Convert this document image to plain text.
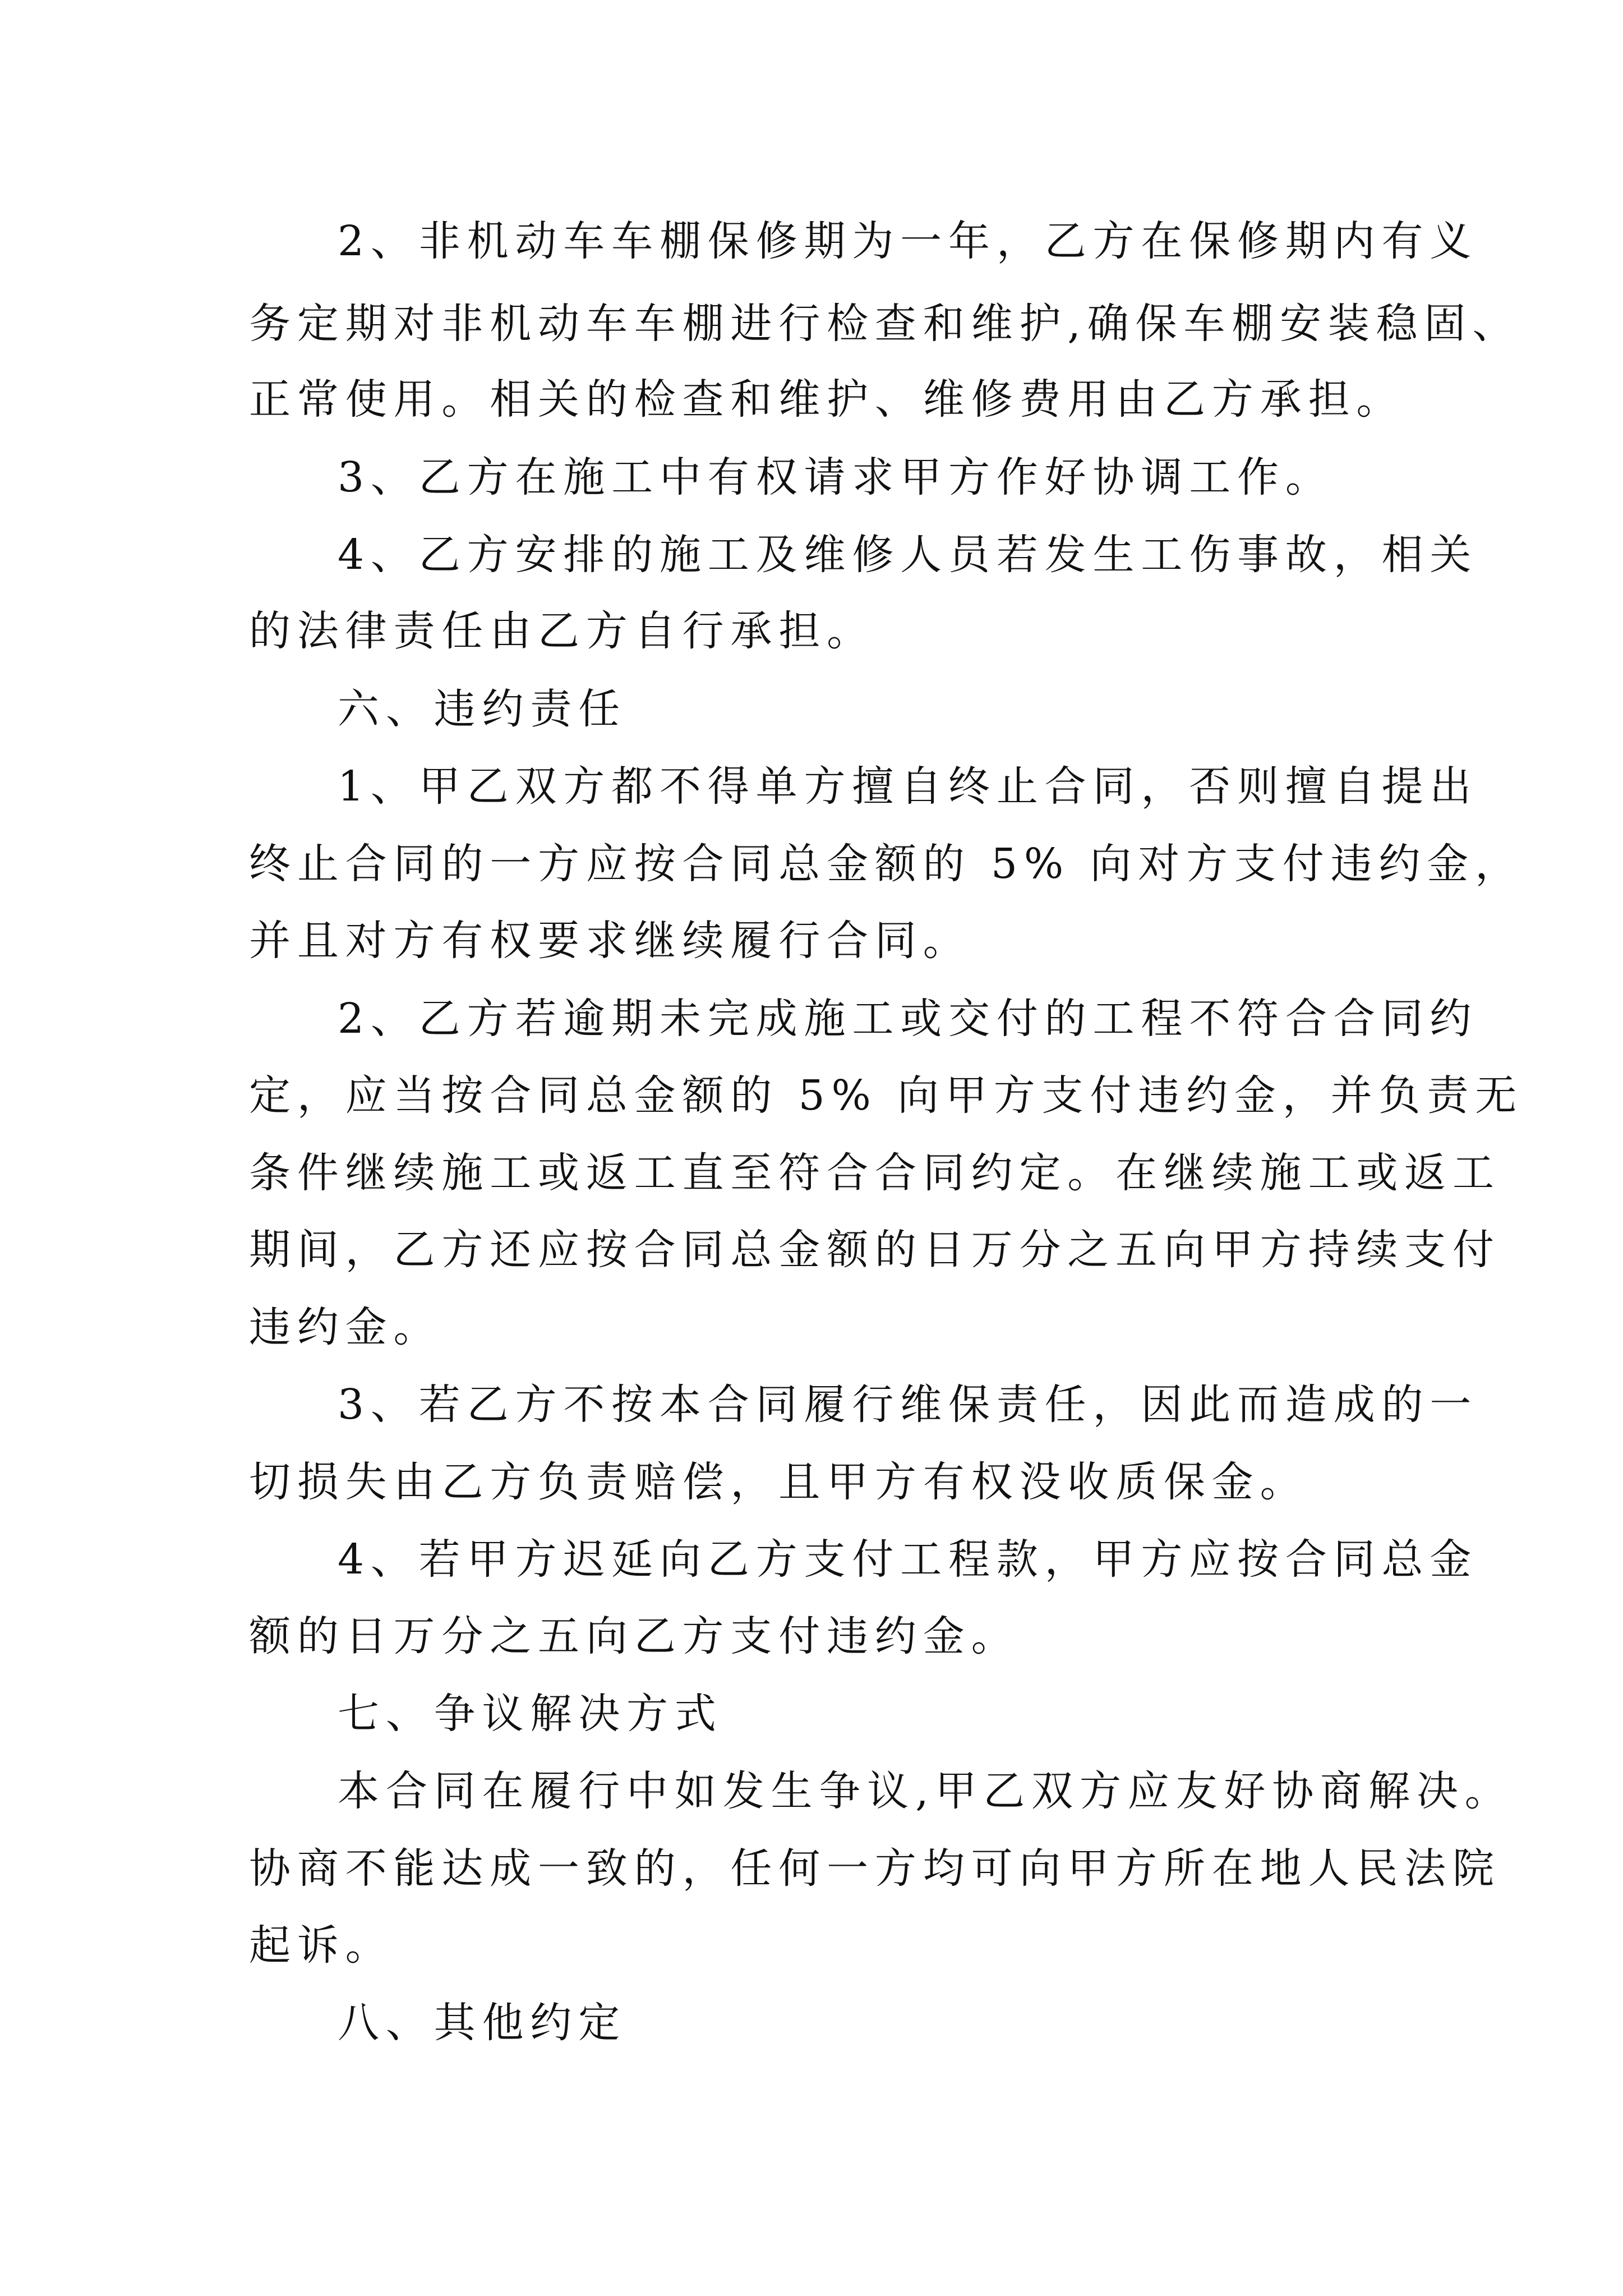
2、非机动车车棚保修期为一年，乙方在保修期内有义
务定期对非机动车车棚进行检查和维护,确保车棚安装稳固、
正常使用。相关的检查和维护、维修费用由乙方承担。
3、乙方在施工中有权请求甲方作好协调工作。
4、乙方安排的施工及维修人员若发生工伤事故，相关
的法律责任由乙方自行承担。
六、违约责任
1、甲乙双方都不得单方擅自终止合同，否则擅自提出
终止合同的一方应按合同总金额的 5% 向对方支付违约金，
并且对方有权要求继续履行合同。
2、乙方若逾期未完成施工或交付的工程不符合合同约
定，应当按合同总金额的 5% 向甲方支付违约金，并负责无
条件继续施工或返工直至符合合同约定。在继续施工或返工
期间，乙方还应按合同总金额的日万分之五向甲方持续支付
违约金。
3、若乙方不按本合同履行维保责任，因此而造成的一
切损失由乙方负责赔偿，且甲方有权没收质保金。
4、若甲方迟延向乙方支付工程款，甲方应按合同总金
额的日万分之五向乙方支付违约金。
七、争议解决方式
本合同在履行中如发生争议,甲乙双方应友好协商解决。
协商不能达成一致的，任何一方均可向甲方所在地人民法院
起诉。
八、其他约定
